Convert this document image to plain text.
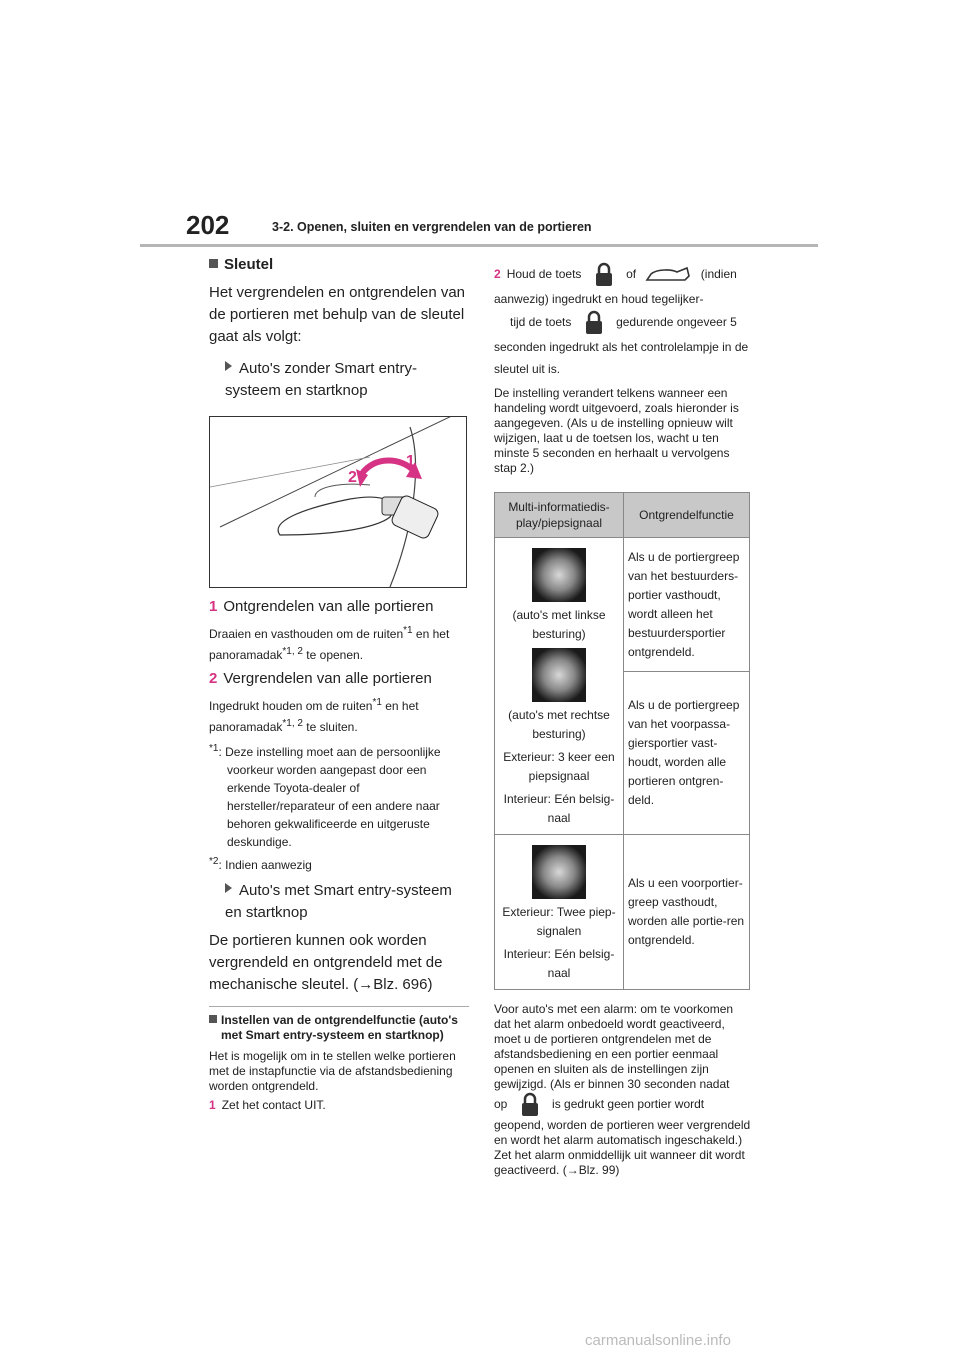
202	3-2. Openen, sluiten en vergrendelen van de portieren
Sleutel
Het vergrendelen en ontgrendelen van de portieren met behulp van de sleutel gaat als volgt:
Auto's zonder Smart entry-systeem en startknop
1
2
1 Ontgrendelen van alle portieren
Draaien en vasthouden om de ruiten$^{*1}$ en het panoramadak$^{*1, 2}$ te openen.
2 Vergrendelen van alle portieren
Ingedrukt houden om de ruiten$^{*1}$ en het panoramadak$^{*1, 2}$ te sluiten.
$^{*1}$: Deze instelling moet aan de persoonlijke voorkeur worden aangepast door een erkende Toyota-dealer of hersteller/reparateur of een andere naar behoren gekwalificeerde en uitgeruste deskundige.
$^{*2}$: Indien aanwezig
Auto's met Smart entry-systeem en startknop
De portieren kunnen ook worden vergrendeld en ontgrendeld met de mechanische sleutel. (→Blz. 696)
Instellen van de ontgrendelfunctie (auto's met Smart entry-systeem en startknop)
Het is mogelijk om in te stellen welke portieren met de instapfunctie via de afstandsbediening worden ontgrendeld.
1 Zet het contact UIT.
2 Houd de toets	of	(indien aanwezig) ingedrukt en houd tegelijker-
tijd de toets	gedurende ongeveer 5 seconden ingedrukt als het controlelampje in de sleutel uit is.
De instelling verandert telkens wanneer een handeling wordt uitgevoerd, zoals hieronder is aangegeven. (Als u de instelling opnieuw wilt wijzigen, laat u de toetsen los, wacht u ten minste 5 seconden en herhaalt u vervolgens stap 2.)
Multi-informatiedis-play/piepsignaal	Ontgrendelfunctie

(auto's met linkse besturing)
(auto's met rechtse besturing)
Exterieur: 3 keer een piepsignaal
Interieur: Eén belsig-naal	Als u de portiergreep van het bestuurders-portier vasthoudt, wordt alleen het bestuurdersportier ontgrendeld.
	Als u de portiergreep van het voorpassa-giersportier vast-houdt, worden alle portieren ontgren-deld.

Exterieur: Twee piep-signalen
Interieur: Eén belsig-naal	Als u een voorportier-greep vasthoudt, worden alle portie-ren ontgrendeld.
Voor auto's met een alarm: om te voorkomen dat het alarm onbedoeld wordt geactiveerd, moet u de portieren ontgrendelen met de afstandsbediening en een portier eenmaal openen en sluiten als de instellingen zijn gewijzigd. (Als er binnen 30 seconden nadat
op	is gedrukt geen portier wordt geopend, worden de portieren weer vergrendeld en wordt het alarm automatisch ingeschakeld.)
Zet het alarm onmiddellijk uit wanneer dit wordt geactiveerd. (→Blz. 99)
carmanualsonline.info
